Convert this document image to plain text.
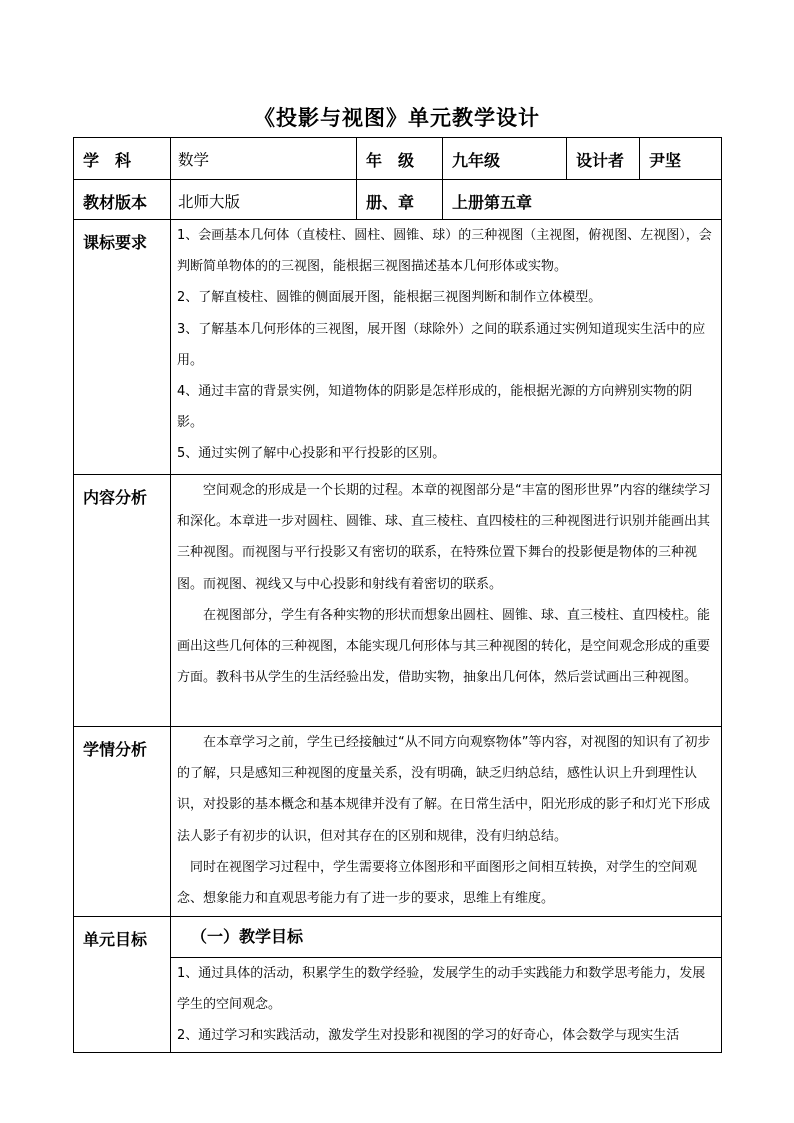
《投影与视图》单元教学设计
学　科	数学	年　级	九年级	设计者	尹坚
教材版本	北师大版	册、章	上册第五章		
课标要求	1、会画基本几何体（直棱柱、圆柱、圆锥、球）的三种视图（主视图，俯视图、左视图），会判断简单物体的的三视图，能根据三视图描述基本几何形体或实物。

2、了解直棱柱、圆锥的侧面展开图，能根据三视图判断和制作立体模型。

3、了解基本几何形体的三视图，展开图（球除外）之间的联系通过实例知道现实生活中的应用。

4、通过丰富的背景实例，知道物体的阴影是怎样形成的，能根据光源的方向辨别实物的阴影。

5、通过实例了解中心投影和平行投影的区别。				

内容分析	空间观念的形成是一个长期的过程。本章的视图部分是“丰富的图形世界”内容的继续学习和深化。本章进一步对圆柱、圆锥、球、直三棱柱、直四棱柱的三种视图进行识别并能画出其三种视图。而视图与平行投影又有密切的联系，在特殊位置下舞台的投影便是物体的三种视图。而视图、视线又与中心投影和射线有着密切的联系。

在视图部分，学生有各种实物的形状而想象出圆柱、圆锥、球、直三棱柱、直四棱柱。能画出这些几何体的三种视图，本能实现几何形体与其三种视图的转化，是空间观念形成的重要方面。教科书从学生的生活经验出发，借助实物，抽象出几何体，然后尝试画出三种视图。				

学情分析	在本章学习之前，学生已经接触过“从不同方向观察物体”等内容，对视图的知识有了初步的了解，只是感知三种视图的度量关系，没有明确，缺乏归纳总结，感性认识上升到理性认识，对投影的基本概念和基本规律并没有了解。在日常生活中，阳光形成的影子和灯光下形成法人影子有初步的认识，但对其存在的区别和规律，没有归纳总结。

同时在视图学习过程中，学生需要将立体图形和平面图形之间相互转换，对学生的空间观念、想象能力和直观思考能力有了进一步的要求，思维上有维度。				

单元目标	（一）教学目标

1、通过具体的活动，积累学生的数学经验，发展学生的动手实践能力和数学思考能力，发展学生的空间观念。

2、通过学习和实践活动，激发学生对投影和视图的学习的好奇心，体会数学与现实生活				
